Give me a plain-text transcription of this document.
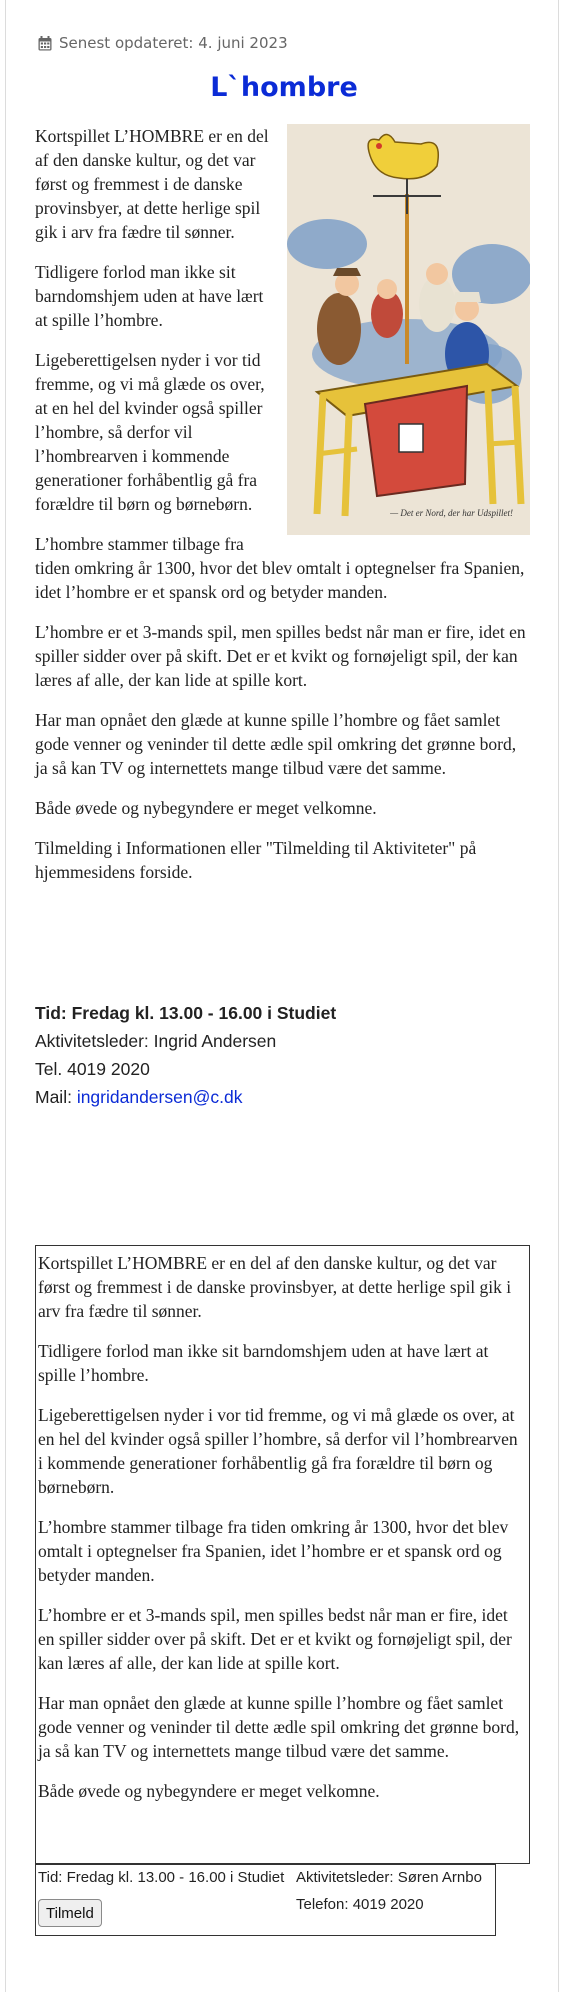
Senest opdateret: 4. juni 2023
L`hombre
— Det er Nord, der har Udspillet!

Kortspillet L’HOMBRE er en del af den danske kultur, og det var først og fremmest i de danske provinsbyer, at dette herlige spil gik i arv fra fædre til sønner.

Tidligere forlod man ikke sit barndomshjem uden at have lært at spille l’hombre.

Ligeberettigelsen nyder i vor tid fremme, og vi må glæde os over, at en hel del kvinder også spiller l’hombre, så derfor vil l’hombrearven i kommende generationer forhåbentlig gå fra forældre til børn og børnebørn.

L’hombre stammer tilbage fra tiden omkring år 1300, hvor det blev omtalt i optegnelser fra Spanien, idet l’hombre er et spansk ord og betyder manden.

L’hombre er et 3-mands spil, men spilles bedst når man er fire, idet en spiller sidder over på skift. Det er et kvikt og fornøjeligt spil, der kan læres af alle, der kan lide at spille kort.

Har man opnået den glæde at kunne spille l’hombre og fået samlet gode venner og veninder til dette ædle spil omkring det grønne bord, ja så kan TV og internettets mange tilbud være det samme.

Både øvede og nybegyndere er meget velkomne.

Tilmelding i Informationen eller "Tilmelding til Aktiviteter" på hjemmesidens forside.

Tid: Fredag kl. 13.00 - 16.00 i Studiet
Aktivitetsleder: Ingrid Andersen
Tel. 4019 2020
Mail: ingridandersen@c.dk

Kortspillet L’HOMBRE er en del af den danske kultur, og det var først og fremmest i de danske provinsbyer, at dette herlige spil gik i arv fra fædre til sønner.

Tidligere forlod man ikke sit barndomshjem uden at have lært at spille l’hombre.

Ligeberettigelsen nyder i vor tid fremme, og vi må glæde os over, at en hel del kvinder også spiller l’hombre, så derfor vil l’hombrearven i kommende generationer forhåbentlig gå fra forældre til børn og børnebørn.

L’hombre stammer tilbage fra tiden omkring år 1300, hvor det blev omtalt i optegnelser fra Spanien, idet l’hombre er et spansk ord og betyder manden.

L’hombre er et 3-mands spil, men spilles bedst når man er fire, idet en spiller sidder over på skift. Det er et kvikt og fornøjeligt spil, der kan læres af alle, der kan lide at spille kort.

Har man opnået den glæde at kunne spille l’hombre og fået samlet gode venner og veninder til dette ædle spil omkring det grønne bord, ja så kan TV og internettets mange tilbud være det samme.

Både øvede og nybegyndere er meget velkomne.

Tid: Fredag kl. 13.00 - 16.00 i Studiet Aktivitetsleder: Søren Arnbo
Telefon: 4019 2020
Tilmeld
